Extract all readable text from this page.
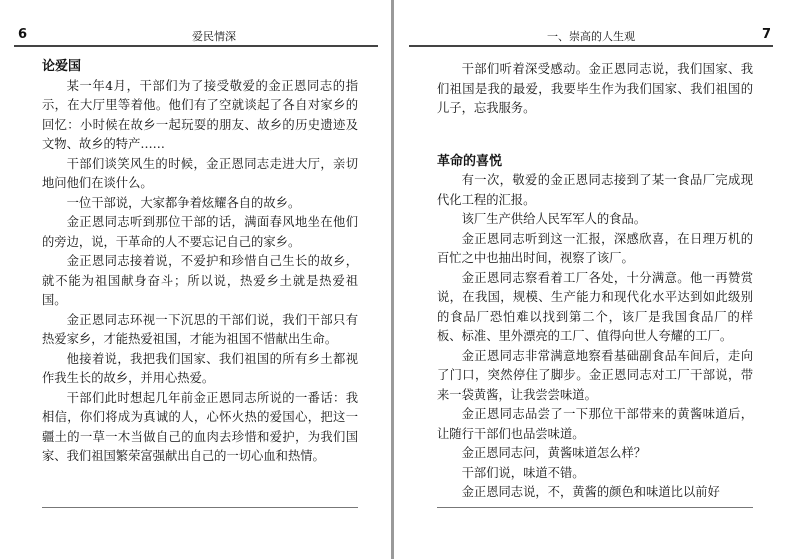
6	爱民情深
论爱国

某一年4月，干部们为了接受敬爱的金正恩同志的指示，在大厅里等着他。他们有了空就谈起了各自对家乡的回忆：小时候在故乡一起玩耍的朋友、故乡的历史遗迹及文物、故乡的特产……

干部们谈笑风生的时候，金正恩同志走进大厅，亲切地问他们在谈什么。

一位干部说，大家都争着炫耀各自的故乡。

金正恩同志听到那位干部的话，满面春风地坐在他们的旁边，说，干革命的人不要忘记自己的家乡。

金正恩同志接着说，不爱护和珍惜自己生长的故乡，就不能为祖国献身奋斗；所以说，热爱乡土就是热爱祖国。

金正恩同志环视一下沉思的干部们说，我们干部只有热爱家乡，才能热爱祖国，才能为祖国不惜献出生命。

他接着说，我把我们国家、我们祖国的所有乡土都视作我生长的故乡，并用心热爱。

干部们此时想起几年前金正恩同志所说的一番话：我相信，你们将成为真诚的人，心怀火热的爱国心，把这一疆土的一草一木当做自己的血肉去珍惜和爱护，为我们国家、我们祖国繁荣富强献出自己的一切心血和热情。

一、崇高的人生观	7

干部们听着深受感动。金正恩同志说，我们国家、我们祖国是我的最爱，我要毕生作为我们国家、我们祖国的儿子，忘我服务。

革命的喜悦

有一次，敬爱的金正恩同志接到了某一食品厂完成现代化工程的汇报。

该厂生产供给人民军军人的食品。

金正恩同志听到这一汇报，深感欣喜，在日理万机的百忙之中也抽出时间，视察了该厂。

金正恩同志察看着工厂各处，十分满意。他一再赞赏说，在我国，规模、生产能力和现代化水平达到如此级别的食品厂恐怕难以找到第二个，该厂是我国食品厂的样板、标准、里外漂亮的工厂、值得向世人夸耀的工厂。

金正恩同志非常满意地察看基础副食品车间后，走向了门口，突然停住了脚步。金正恩同志对工厂干部说，带来一袋黄酱，让我尝尝味道。

金正恩同志品尝了一下那位干部带来的黄酱味道后，让随行干部们也品尝味道。

金正恩同志问，黄酱味道怎么样？

干部们说，味道不错。

金正恩同志说，不，黄酱的颜色和味道比以前好
